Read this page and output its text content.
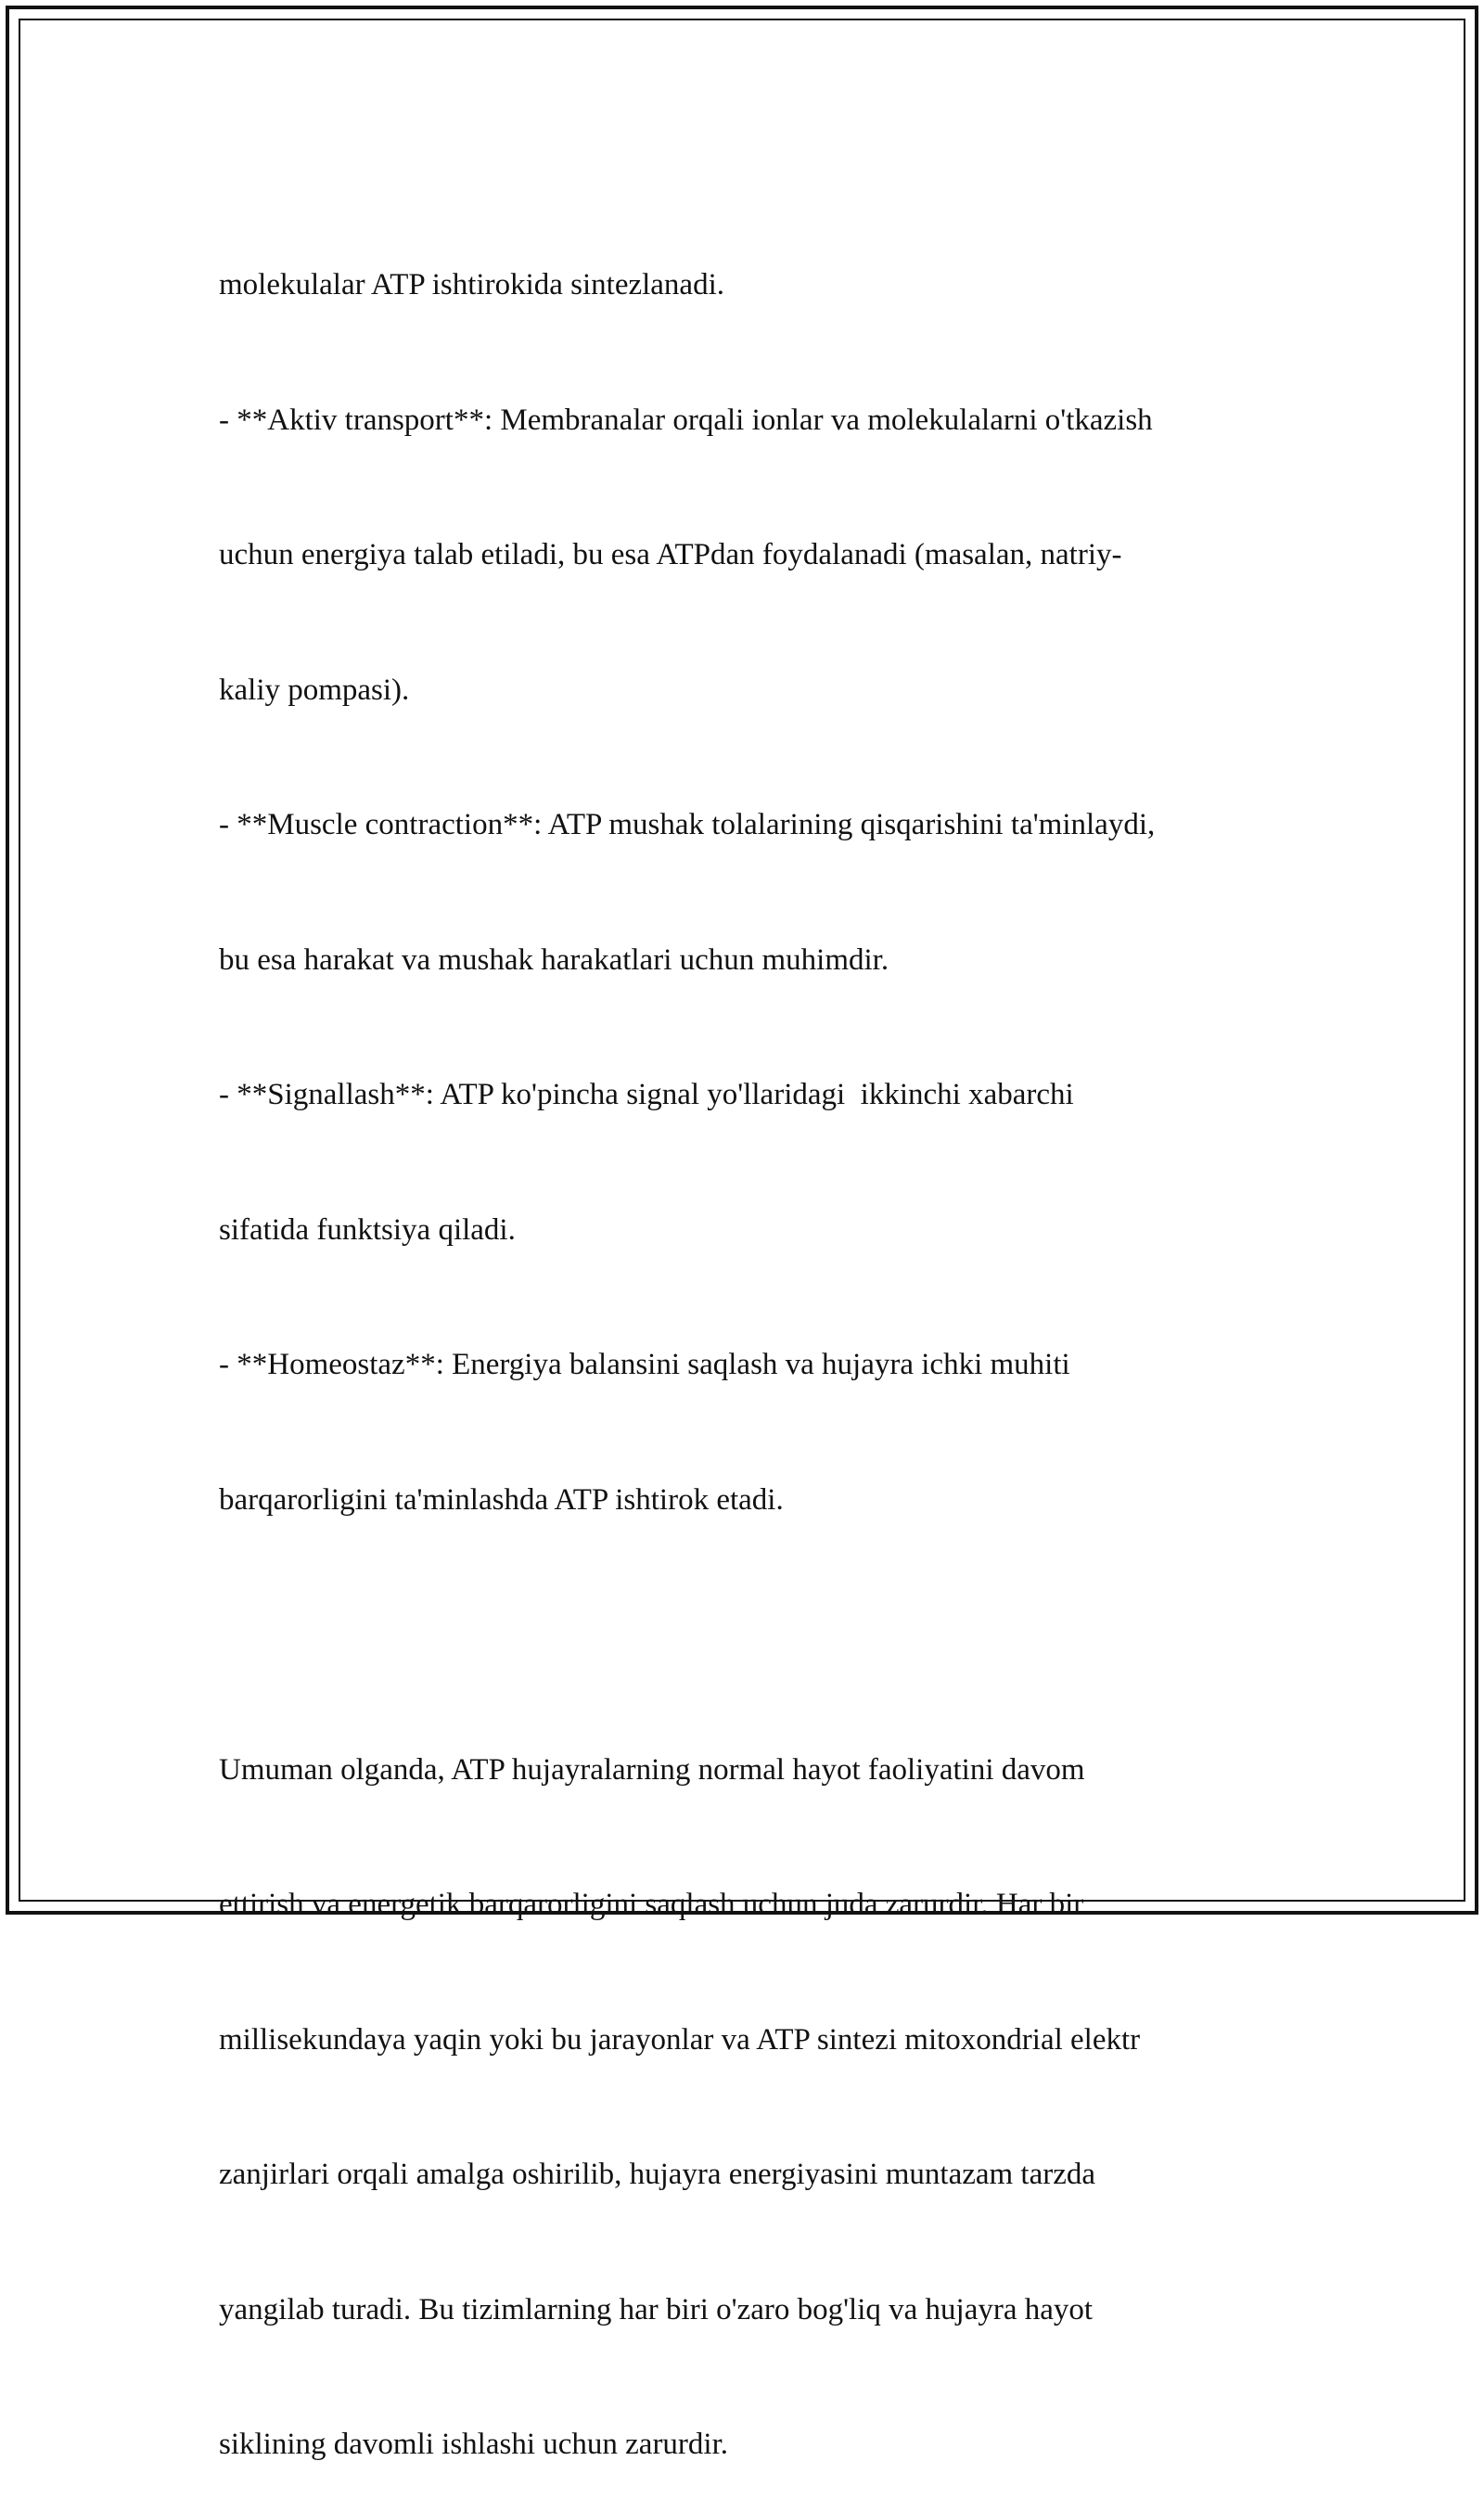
molekulalar ATP ishtirokida sintezlanadi.

- **Aktiv transport**: Membranalar orqali ionlar va molekulalarni o'tkazish

uchun energiya talab etiladi, bu esa ATPdan foydalanadi (masalan, natriy-

kaliy pompasi).

- **Muscle contraction**: ATP mushak tolalarining qisqarishini ta'minlaydi,

bu esa harakat va mushak harakatlari uchun muhimdir.

- **Signallash**: ATP ko'pincha signal yo'llaridagi  ikkinchi xabarchi

sifatida funktsiya qiladi.

- **Homeostaz**: Energiya balansini saqlash va hujayra ichki muhiti

barqarorligini ta'minlashda ATP ishtirok etadi.

Umuman olganda, ATP hujayralarning normal hayot faoliyatini davom

ettirish va energetik barqarorligini saqlash uchun juda zarurdir. Har bir

millisekundaya yaqin yoki bu jarayonlar va ATP sintezi mitoxondrial elektr

zanjirlari orqali amalga oshirilib, hujayra energiyasini muntazam tarzda

yangilab turadi. Bu tizimlarning har biri o'zaro bog'liq va hujayra hayot

siklining davomli ishlashi uchun zarurdir.
